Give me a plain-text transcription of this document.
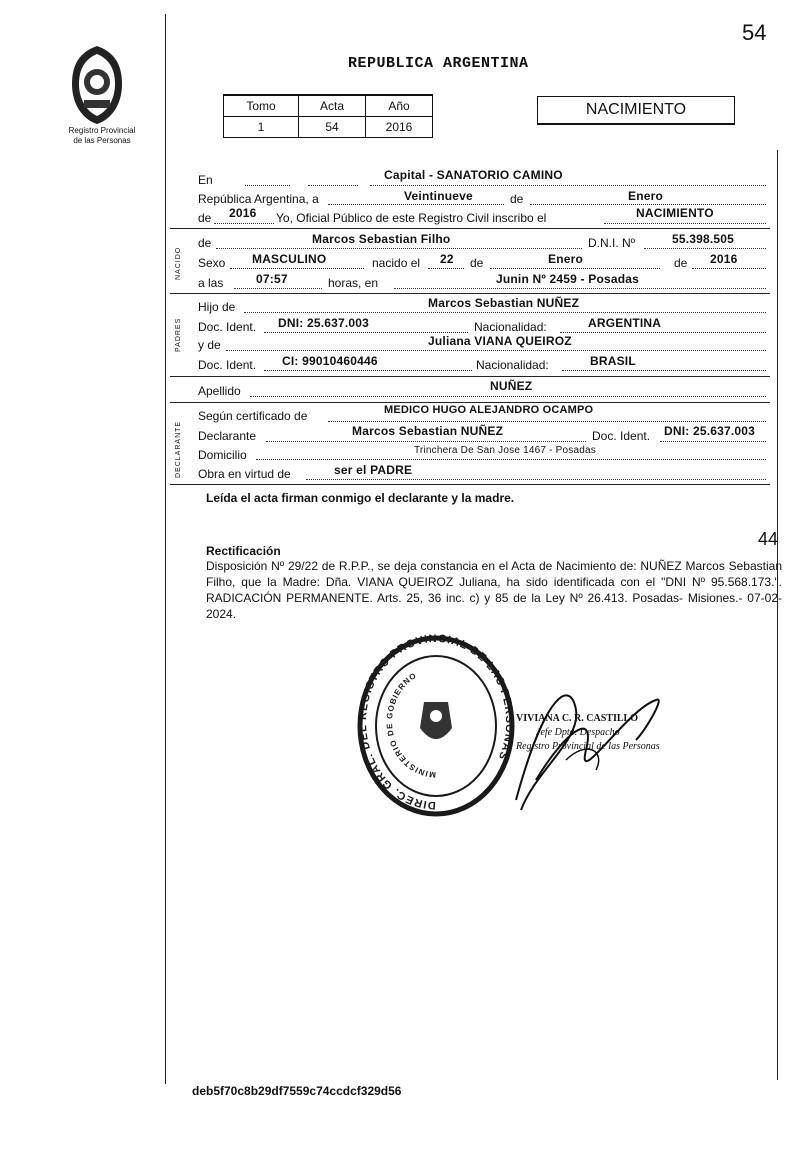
54
Registro Provincial
de las Personas
REPUBLICA ARGENTINA
Tomo	Acta	Año
1	54	2016
NACIMIENTO
En	Capital - SANATORIO CAMINO
República Argentina, a	Veintinueve	de	Enero
de 2016 Yo, Oficial Público de este Registro Civil inscribo el	NACIMIENTO
NACIDO
de	Marcos Sebastian Filho	D.N.I. Nº	55.398.505
Sexo MASCULINO	nacido el 22 de	Enero	de 2016
a las	07:57	horas, en	Junin Nº 2459 - Posadas
PADRES
Hijo de	Marcos Sebastian NUÑEZ
Doc. Ident. DNI: 25.637.003	Nacionalidad:	ARGENTINA
y de	Juliana VIANA QUEIROZ
Doc. Ident. CI: 99010460446	Nacionalidad:	BRASIL
Apellido	NUÑEZ
DECLARANTE
Según certificado de	MEDICO HUGO ALEJANDRO OCAMPO
Declarante	Marcos Sebastian NUÑEZ	Doc. Ident. DNI: 25.637.003
Domicilio	Trinchera De San Jose 1467 - Posadas
Obra en virtud de	ser el PADRE
Leída el acta firman conmigo el declarante y la madre.
44
Rectificación
Disposición Nº 29/22 de R.P.P., se deja constancia en el Acta de Nacimiento de: NUÑEZ Marcos Sebastian Filho, que la Madre: Dña. VIANA QUEIROZ Juliana, ha sido identificada con el "DNI Nº 95.568.173.". RADICACIÓN PERMANENTE. Arts. 25, 36 inc. c) y 85 de la Ley Nº 26.413. Posadas- Misiones.- 07-02-2024.
DIREC. GRAL. DEL REGISTRO PROVINCIAL DE LAS PERSONAS
MINISTERIO DE GOBIERNO
VIVIANA C. R. CASTILLO
Jefe Dpto. Despacho
Registro Provincial de las Personas
deb5f70c8b29df7559c74ccdcf329d56
